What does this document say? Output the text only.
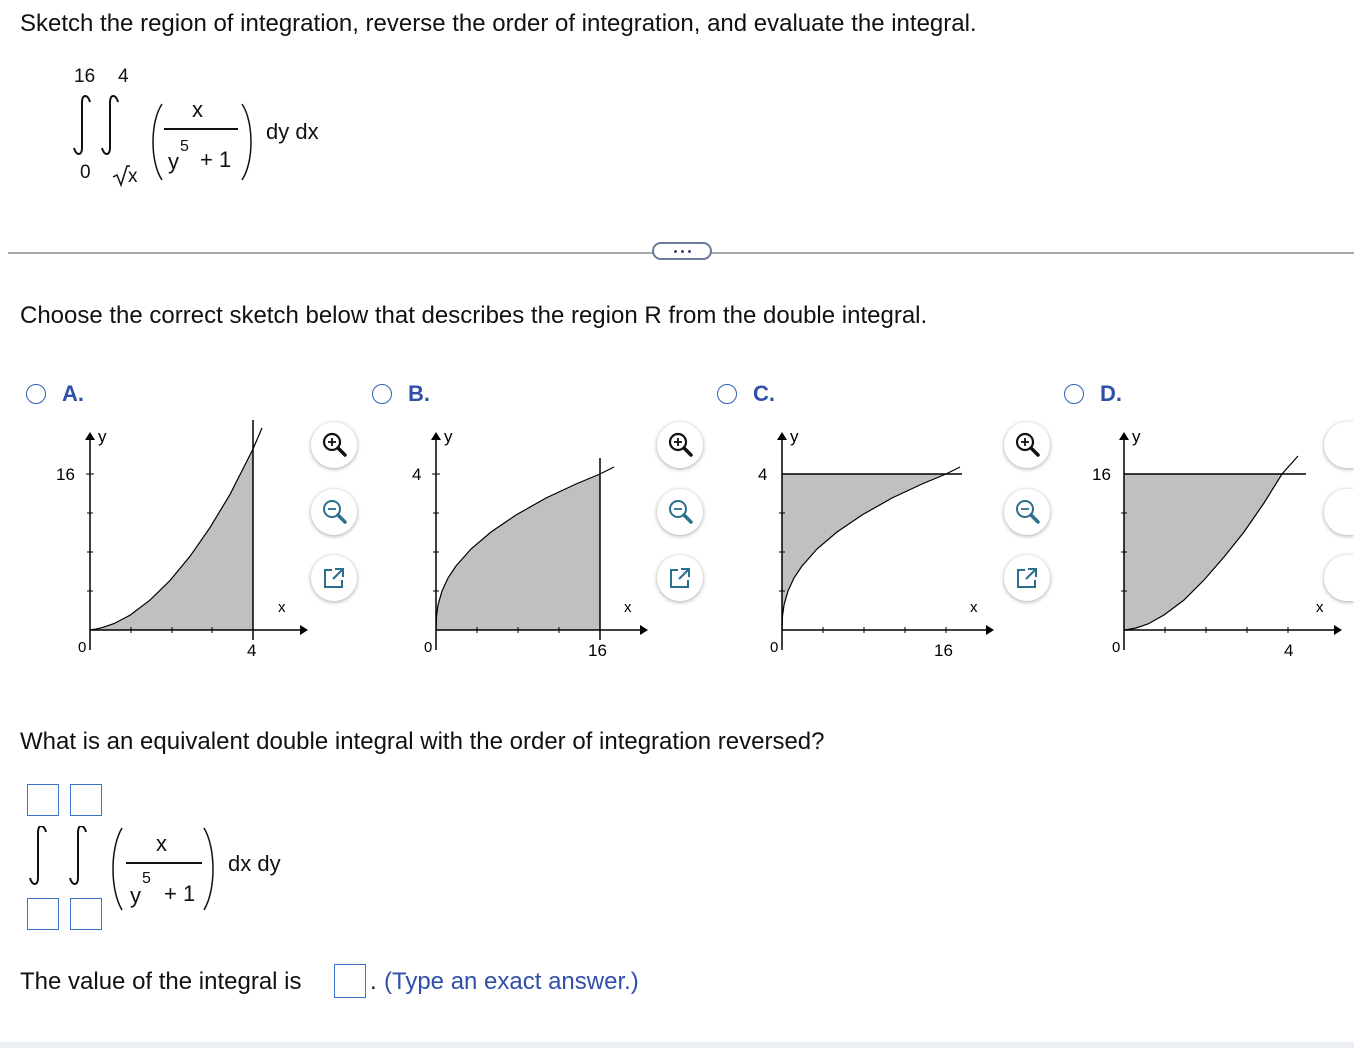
Sketch the region of integration, reverse the order of integration, and evaluate the integral.
16 4
0 x
x
y
5
+ 1
dy dx
Choose the correct sketch below that describes the region R from the double integral.
A.
y
x
16
4
0
B.
y
x
4
16
0
C.
y
x
4
16
0
D.
y
x
16
4
0
What is an equivalent double integral with the order of integration reversed?
x
y
5
+ 1
dx dy
The value of the integral is	. (Type an exact answer.)
